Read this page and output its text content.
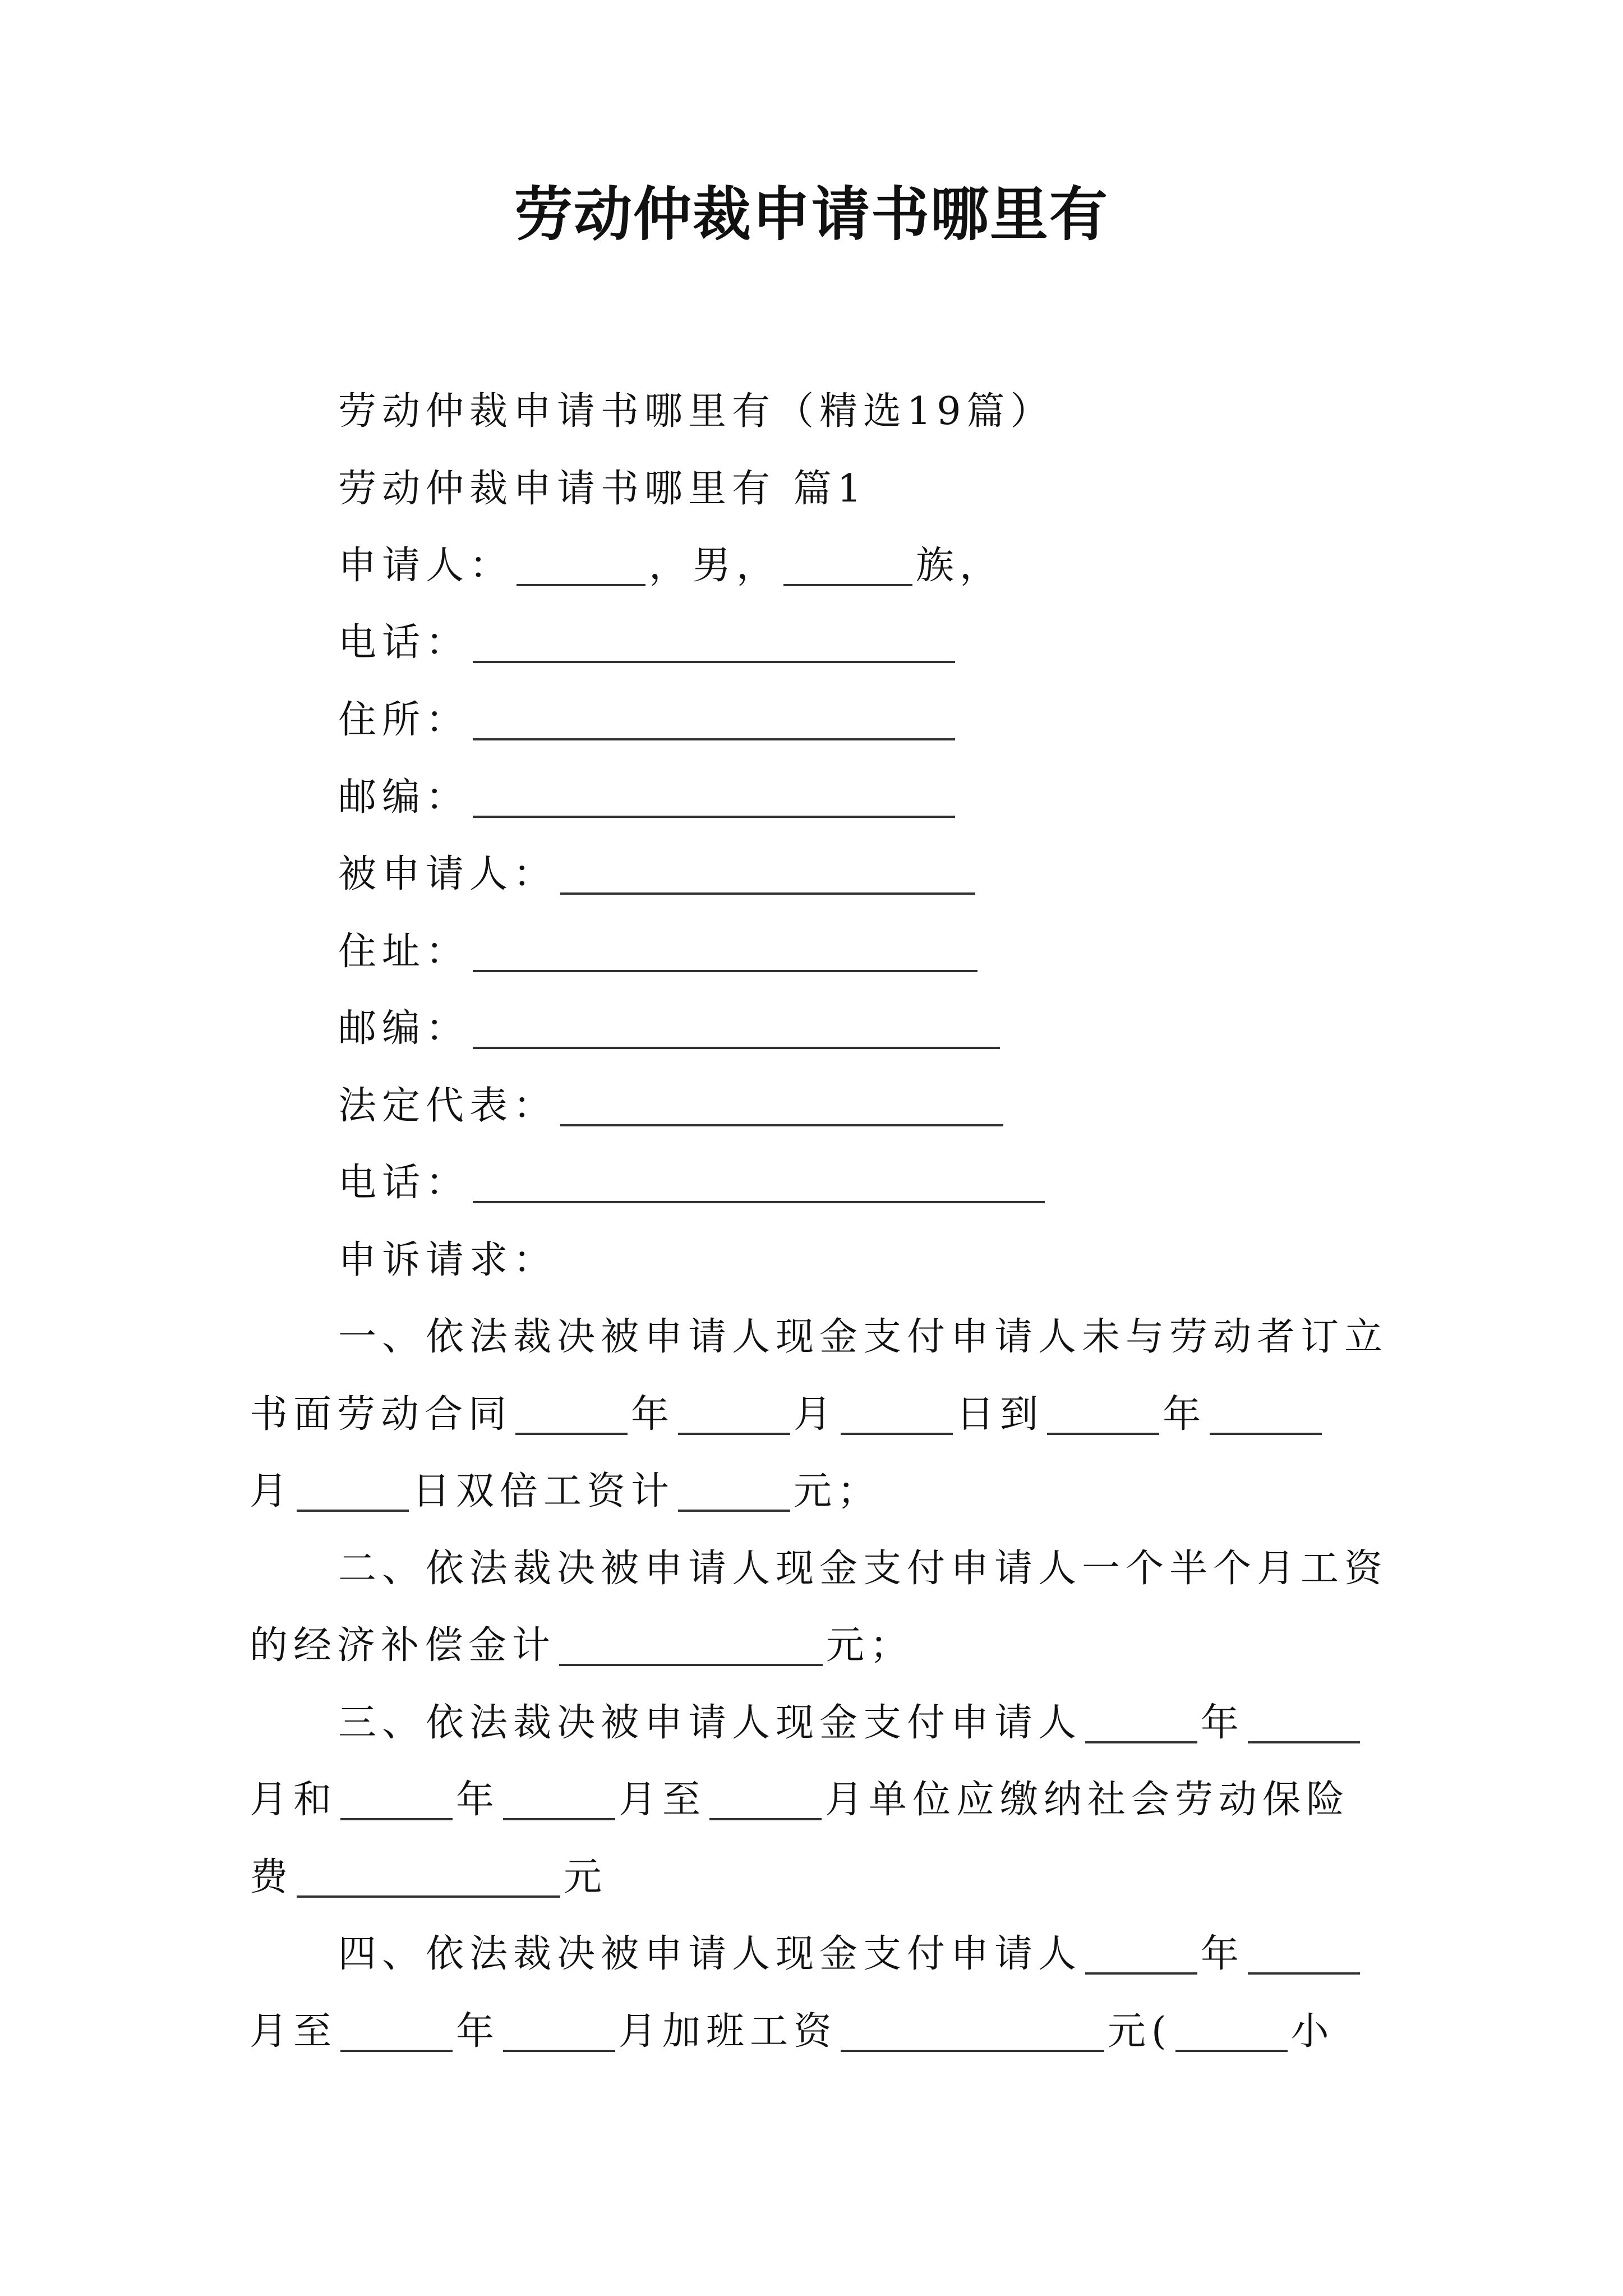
劳动仲裁申请书哪里有
劳动仲裁申请书哪里有（精选19篇）
劳动仲裁申请书哪里有 篇1
申请人：	，男，	族，
电话：
住所：
邮编：
被申请人：
住址：
邮编：
法定代表：
电话：
申诉请求：
一、依法裁决被申请人现金支付申请人未与劳动者订立
书面劳动合同	年	月	日到	年
月	日双倍工资计	元；
二、依法裁决被申请人现金支付申请人一个半个月工资
的经济补偿金计	元；
三、依法裁决被申请人现金支付申请人	年
月和	年	月至	月单位应缴纳社会劳动保险
费	元
四、依法裁决被申请人现金支付申请人	年
月至	年	月加班工资	元(	小
